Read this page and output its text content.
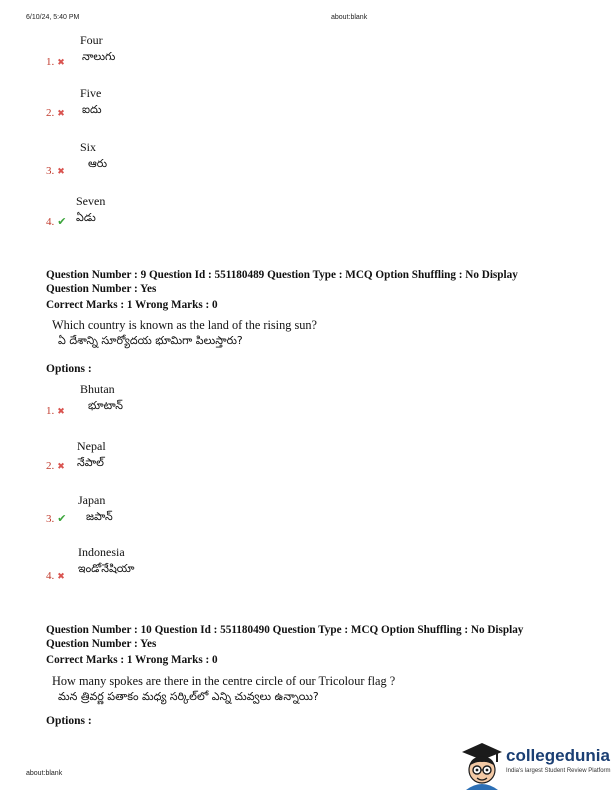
6/10/24, 5:40 PM	about:blank
Four
నాలుగు
1. ✖
Five
ఐదు
2. ✖
Six
ఆరు
3. ✖
Seven
ఏడు
4. ✔
Question Number : 9 Question Id : 551180489 Question Type : MCQ Option Shuffling : No Display
Question Number : Yes
Correct Marks : 1 Wrong Marks : 0
Which country is known as the land of the rising sun?
ఏ దేశాన్ని సూర్యోదయ భూమిగా పిలుస్తారు?
Options :
Bhutan
భూటాన్
1. ✖
Nepal
నేపాల్
2. ✖
Japan
జపాన్
3. ✔
Indonesia
ఇండోనేషియా
4. ✖
Question Number : 10 Question Id : 551180490 Question Type : MCQ Option Shuffling : No Display
Question Number : Yes
Correct Marks : 1 Wrong Marks : 0
How many spokes are there in the centre circle of our Tricolour flag ?
మన త్రివర్ణ పతాకం మధ్య సర్కిల్‌లో ఎన్ని చువ్వలు ఉన్నాయి?
Options :
about:blank
collegedunia
India's largest Student Review Platform
